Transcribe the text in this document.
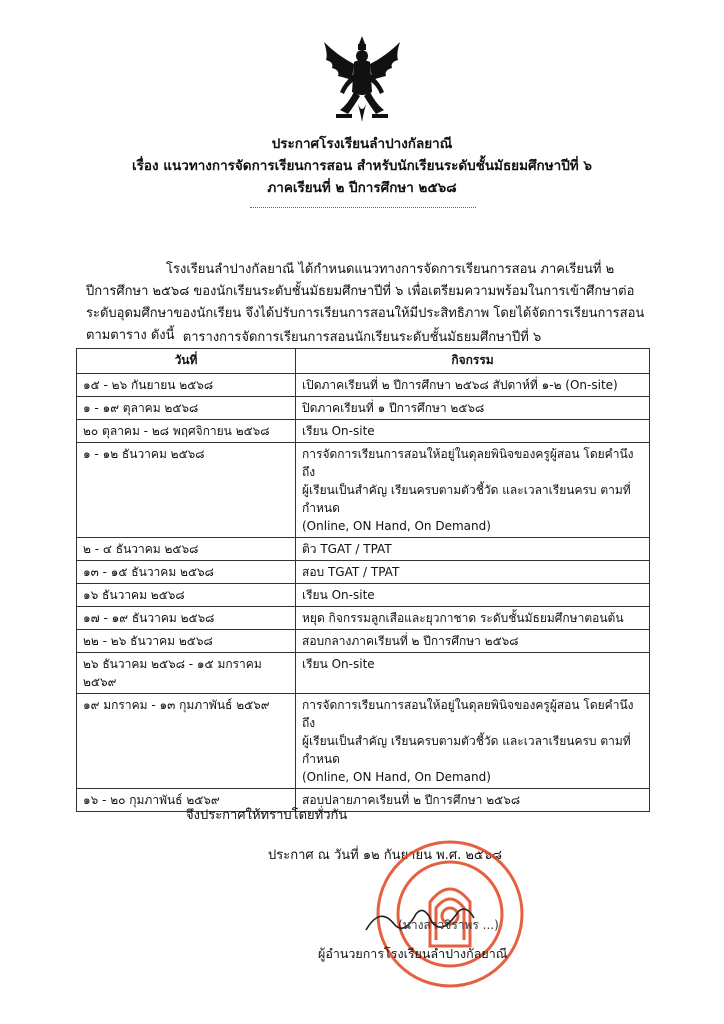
ประกาศโรงเรียนลำปางกัลยาณี
เรื่อง แนวทางการจัดการเรียนการสอน สำหรับนักเรียนระดับชั้นมัธยมศึกษาปีที่ ๖
ภาคเรียนที่ ๒ ปีการศึกษา ๒๕๖๘
โรงเรียนลำปางกัลยาณี ได้กำหนดแนวทางการจัดการเรียนการสอน ภาคเรียนที่ ๒
ปีการศึกษา ๒๕๖๘ ของนักเรียนระดับชั้นมัธยมศึกษาปีที่ ๖ เพื่อเตรียมความพร้อมในการเข้าศึกษาต่อ
ระดับอุดมศึกษาของนักเรียน จึงได้ปรับการเรียนการสอนให้มีประสิทธิภาพ โดยได้จัดการเรียนการสอน
ตามตาราง ดังนี้ ตารางการจัดการเรียนการสอนนักเรียนระดับชั้นมัธยมศึกษาปีที่ ๖
วันที่	กิจกรรม
๑๕ - ๒๖ กันยายน ๒๕๖๘	เปิดภาคเรียนที่ ๒ ปีการศึกษา ๒๕๖๘ สัปดาห์ที่ ๑-๒ (On-site)

๑ - ๑๙ ตุลาคม ๒๕๖๘	ปิดภาคเรียนที่ ๑ ปีการศึกษา ๒๕๖๘

๒๐ ตุลาคม - ๒๘ พฤศจิกายน ๒๕๖๘	เรียน On-site

๑ - ๑๒ ธันวาคม ๒๕๖๘	การจัดการเรียนการสอนให้อยู่ในดุลยพินิจของครูผู้สอน โดยคำนึงถึง
ผู้เรียนเป็นสำคัญ เรียนครบตามตัวชี้วัด และเวลาเรียนครบ ตามที่กำหนด
(Online, ON Hand, On Demand)

๒ - ๔ ธันวาคม ๒๕๖๘	ติว TGAT / TPAT

๑๓ - ๑๕ ธันวาคม ๒๕๖๘	สอบ TGAT / TPAT

๑๖ ธันวาคม ๒๕๖๘	เรียน On-site

๑๗ - ๑๙ ธันวาคม ๒๕๖๘	หยุด กิจกรรมลูกเสือและยุวกาชาด ระดับชั้นมัธยมศึกษาตอนต้น

๒๒ - ๒๖ ธันวาคม ๒๕๖๘	สอบกลางภาคเรียนที่ ๒ ปีการศึกษา ๒๕๖๘

๒๖ ธันวาคม ๒๕๖๘ - ๑๕ มกราคม ๒๕๖๙	เรียน On-site

๑๙ มกราคม - ๑๓ กุมภาพันธ์ ๒๕๖๙	การจัดการเรียนการสอนให้อยู่ในดุลยพินิจของครูผู้สอน โดยคำนึงถึง
ผู้เรียนเป็นสำคัญ เรียนครบตามตัวชี้วัด และเวลาเรียนครบ ตามที่กำหนด
(Online, ON Hand, On Demand)

๑๖ - ๒๐ กุมภาพันธ์ ๒๕๖๙	สอบปลายภาคเรียนที่ ๒ ปีการศึกษา ๒๕๖๘
จึงประกาศให้ทราบโดยทั่วกัน
ประกาศ ณ วันที่ ๑๒ กันยายน พ.ศ. ๒๕๖๘
(นางสาวจิราพร ...)
ผู้อำนวยการโรงเรียนลำปางกัลยาณี
